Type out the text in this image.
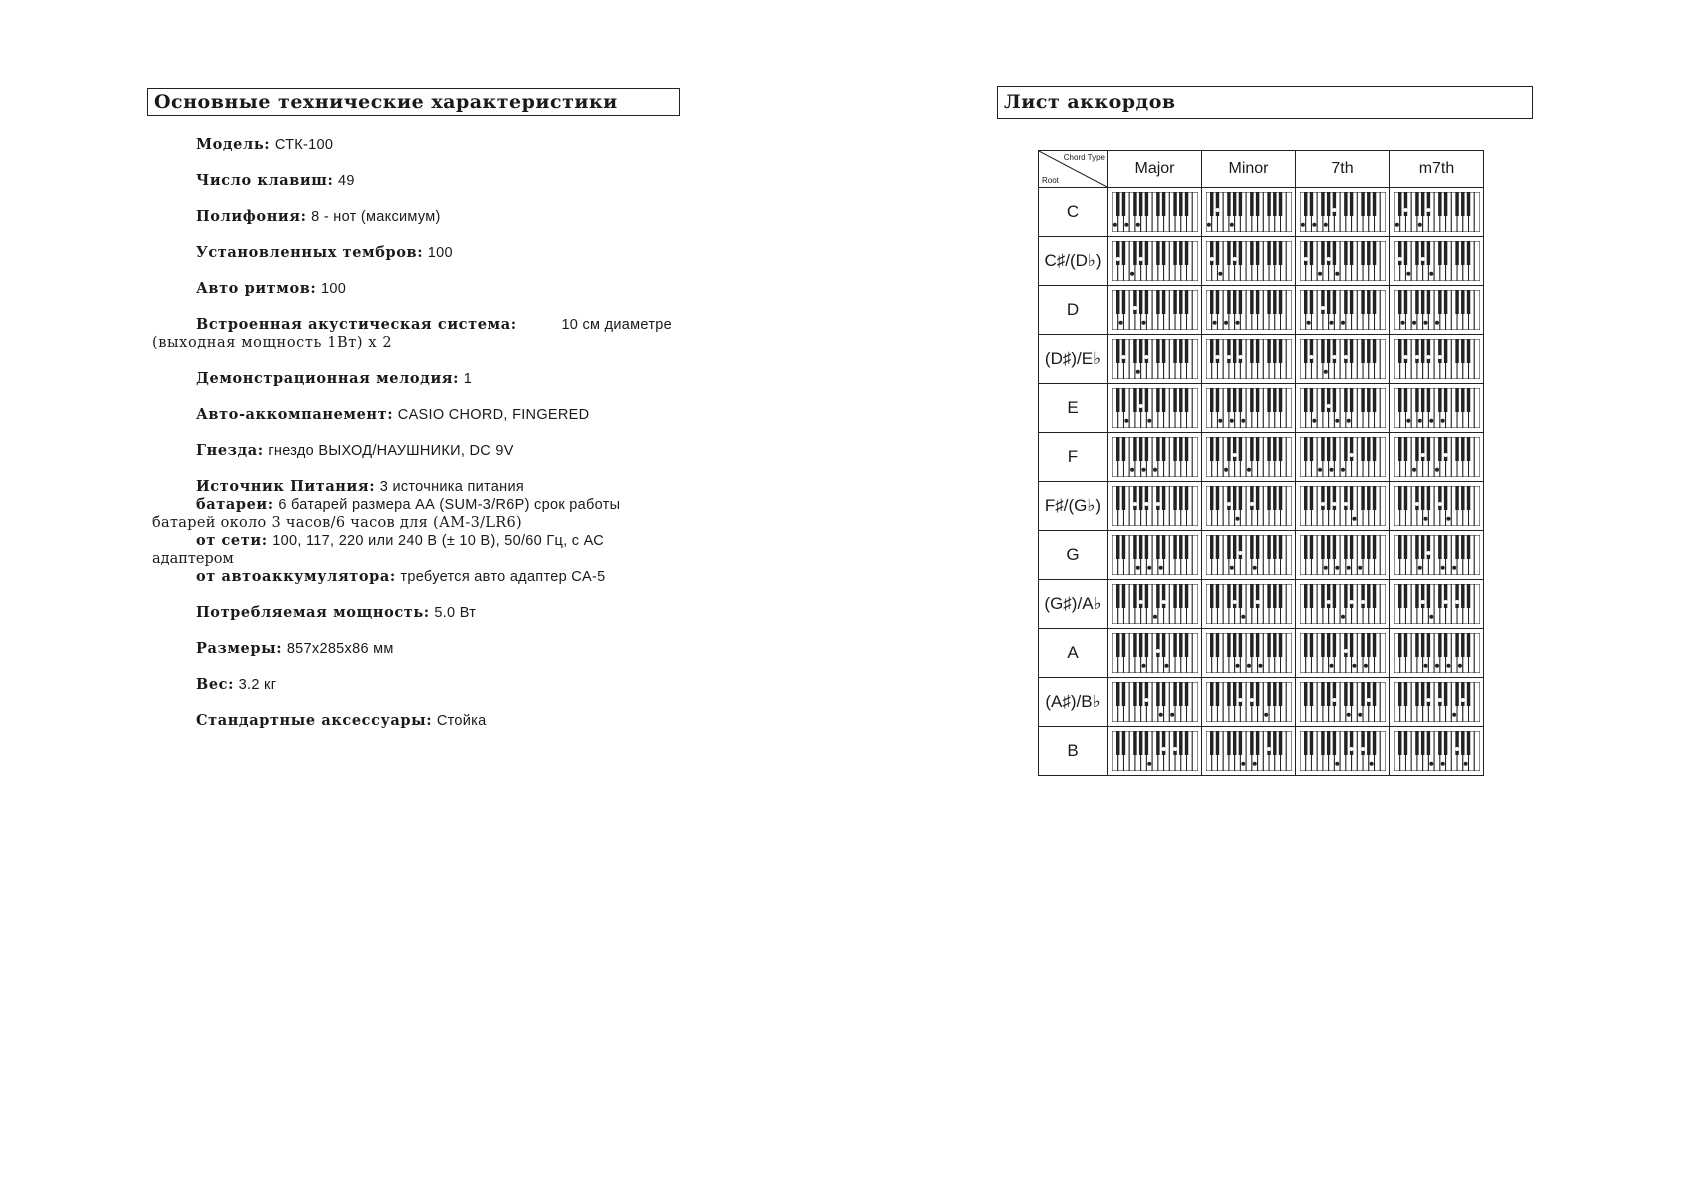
Основные технические характеристики

Модель: СТК-100

Число клавиш: 49

Полифония: 8 - нот (максимум)

Установленных тембров: 100

Авто ритмов: 100

Встроенная акустическая система:	10 см диаметре

(выходная мощность 1Вт) x 2

Демонстрационная мелодия: 1

Авто-аккомпанемент: CASIO CHORD, FINGERED

Гнезда: гнездо ВЫХОД/НАУШНИКИ, DC 9V

Источник Питания: 3 источника питания

батареи: 6 батарей размера АА (SUM-3/R6P) срок работы

батарей около 3 часов/6 часов для (АМ-3/LR6)

от сети: 100, 117, 220 или 240 В (± 10 В), 50/60 Гц, с АС

адаптером

от автоаккумулятора: требуется авто адаптер CA-5

Потребляемая мощность: 5.0 Вт

Размеры: 857x285x86 мм

Вес: 3.2 кг

Стандартные аксессуары: Стойка

Лист аккордов
Chord Type
Root	Major	Minor	7th	m7th
C	

C♯/(D♭)	

D	

(D♯)/E♭	

E	

F	

F♯/(G♭)	

G	

(G♯)/A♭	

A	

(A♯)/B♭	

B	
